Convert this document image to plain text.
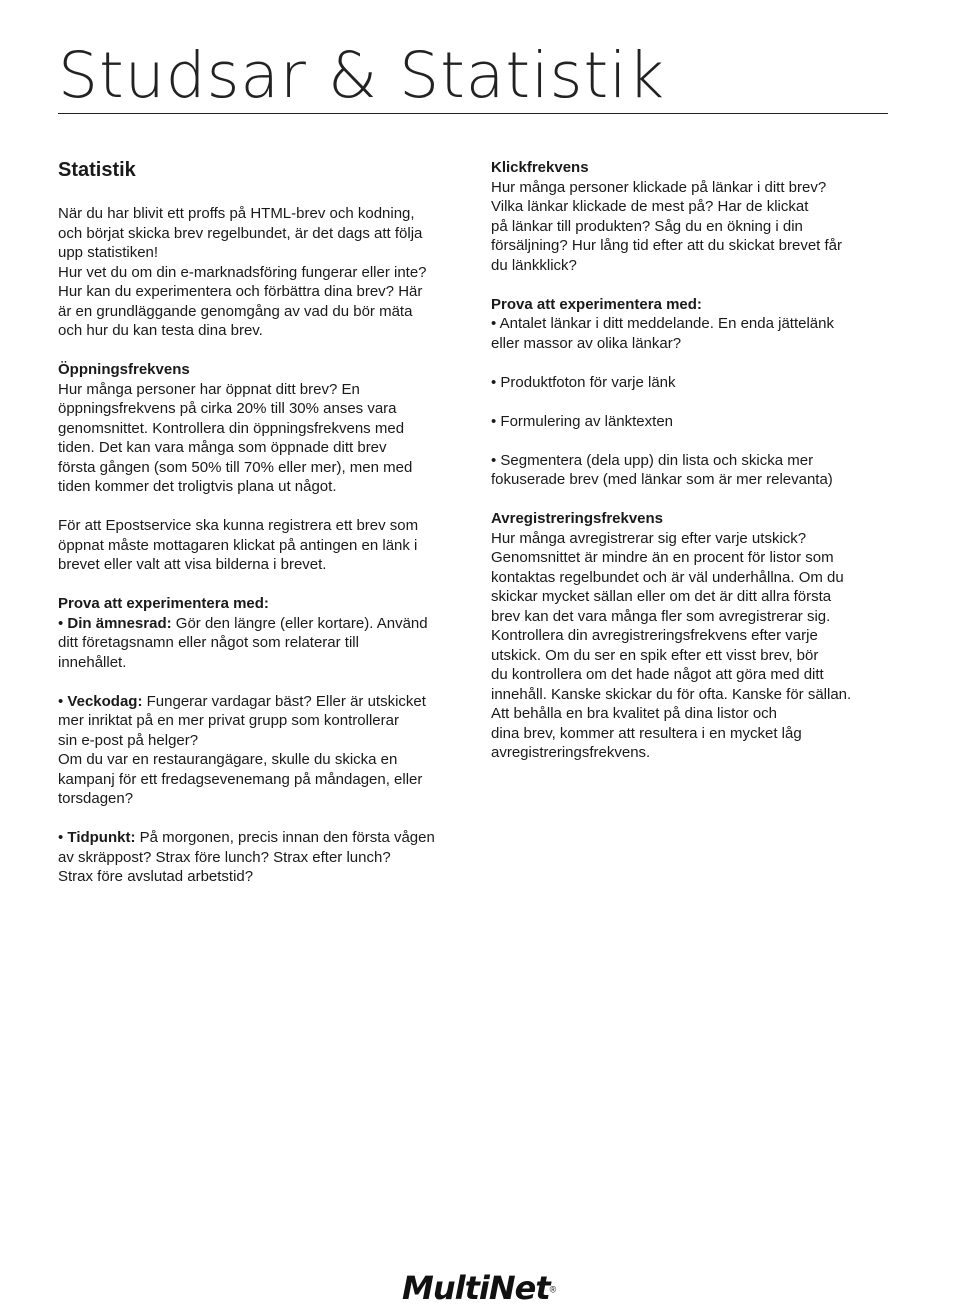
Studsar & Statistik
Statistik

När du har blivit ett proffs på HTML-brev och kodning,

och börjat skicka brev regelbundet, är det dags att följa

upp statistiken!

Hur vet du om din e-marknadsföring fungerar eller inte?

Hur kan du experimentera och förbättra dina brev? Här

är en grundläggande genomgång av vad du bör mäta

och hur du kan testa dina brev.

Öppningsfrekvens

Hur många personer har öppnat ditt brev? En

öppningsfrekvens på cirka 20% till 30% anses vara

genomsnittet. Kontrollera din öppningsfrekvens med

tiden. Det kan vara många som öppnade ditt brev

första gången (som 50% till 70% eller mer), men med

tiden kommer det troligtvis plana ut något.

För att Epostservice ska kunna registrera ett brev som

öppnat måste mottagaren klickat på antingen en länk i

brevet eller valt att visa bilderna i brevet.

Prova att experimentera med:

• Din ämnesrad: Gör den längre (eller kortare). Använd

ditt företagsnamn eller något som relaterar till

innehållet.

• Veckodag: Fungerar vardagar bäst? Eller är utskicket

mer inriktat på en mer privat grupp som kontrollerar

sin e-post på helger?

Om du var en restaurangägare, skulle du skicka en

kampanj för ett fredagsevenemang på måndagen, eller

torsdagen?

• Tidpunkt: På morgonen, precis innan den första vågen

av skräppost? Strax före lunch? Strax efter lunch?

Strax före avslutad arbetstid?

Klickfrekvens

Hur många personer klickade på länkar i ditt brev?

Vilka länkar klickade de mest på? Har de klickat

på länkar till produkten? Såg du en ökning i din

försäljning? Hur lång tid efter att du skickat brevet får

du länkklick?

Prova att experimentera med:

• Antalet länkar i ditt meddelande. En enda jättelänk

eller massor av olika länkar?

• Produktfoton för varje länk

• Formulering av länktexten

• Segmentera (dela upp) din lista och skicka mer

fokuserade brev (med länkar som är mer relevanta)

Avregistreringsfrekvens

Hur många avregistrerar sig efter varje utskick?

Genomsnittet är mindre än en procent för listor som

kontaktas regelbundet och är väl underhållna. Om du

skickar mycket sällan eller om det är ditt allra första

brev kan det vara många fler som avregistrerar sig.

Kontrollera din avregistreringsfrekvens efter varje

utskick. Om du ser en spik efter ett visst brev, bör

du kontrollera om det hade något att göra med ditt

innehåll. Kanske skickar du för ofta. Kanske för sällan.

Att behålla en bra kvalitet på dina listor och

dina brev, kommer att resultera i en mycket låg

avregistreringsfrekvens.

MultiNet®
